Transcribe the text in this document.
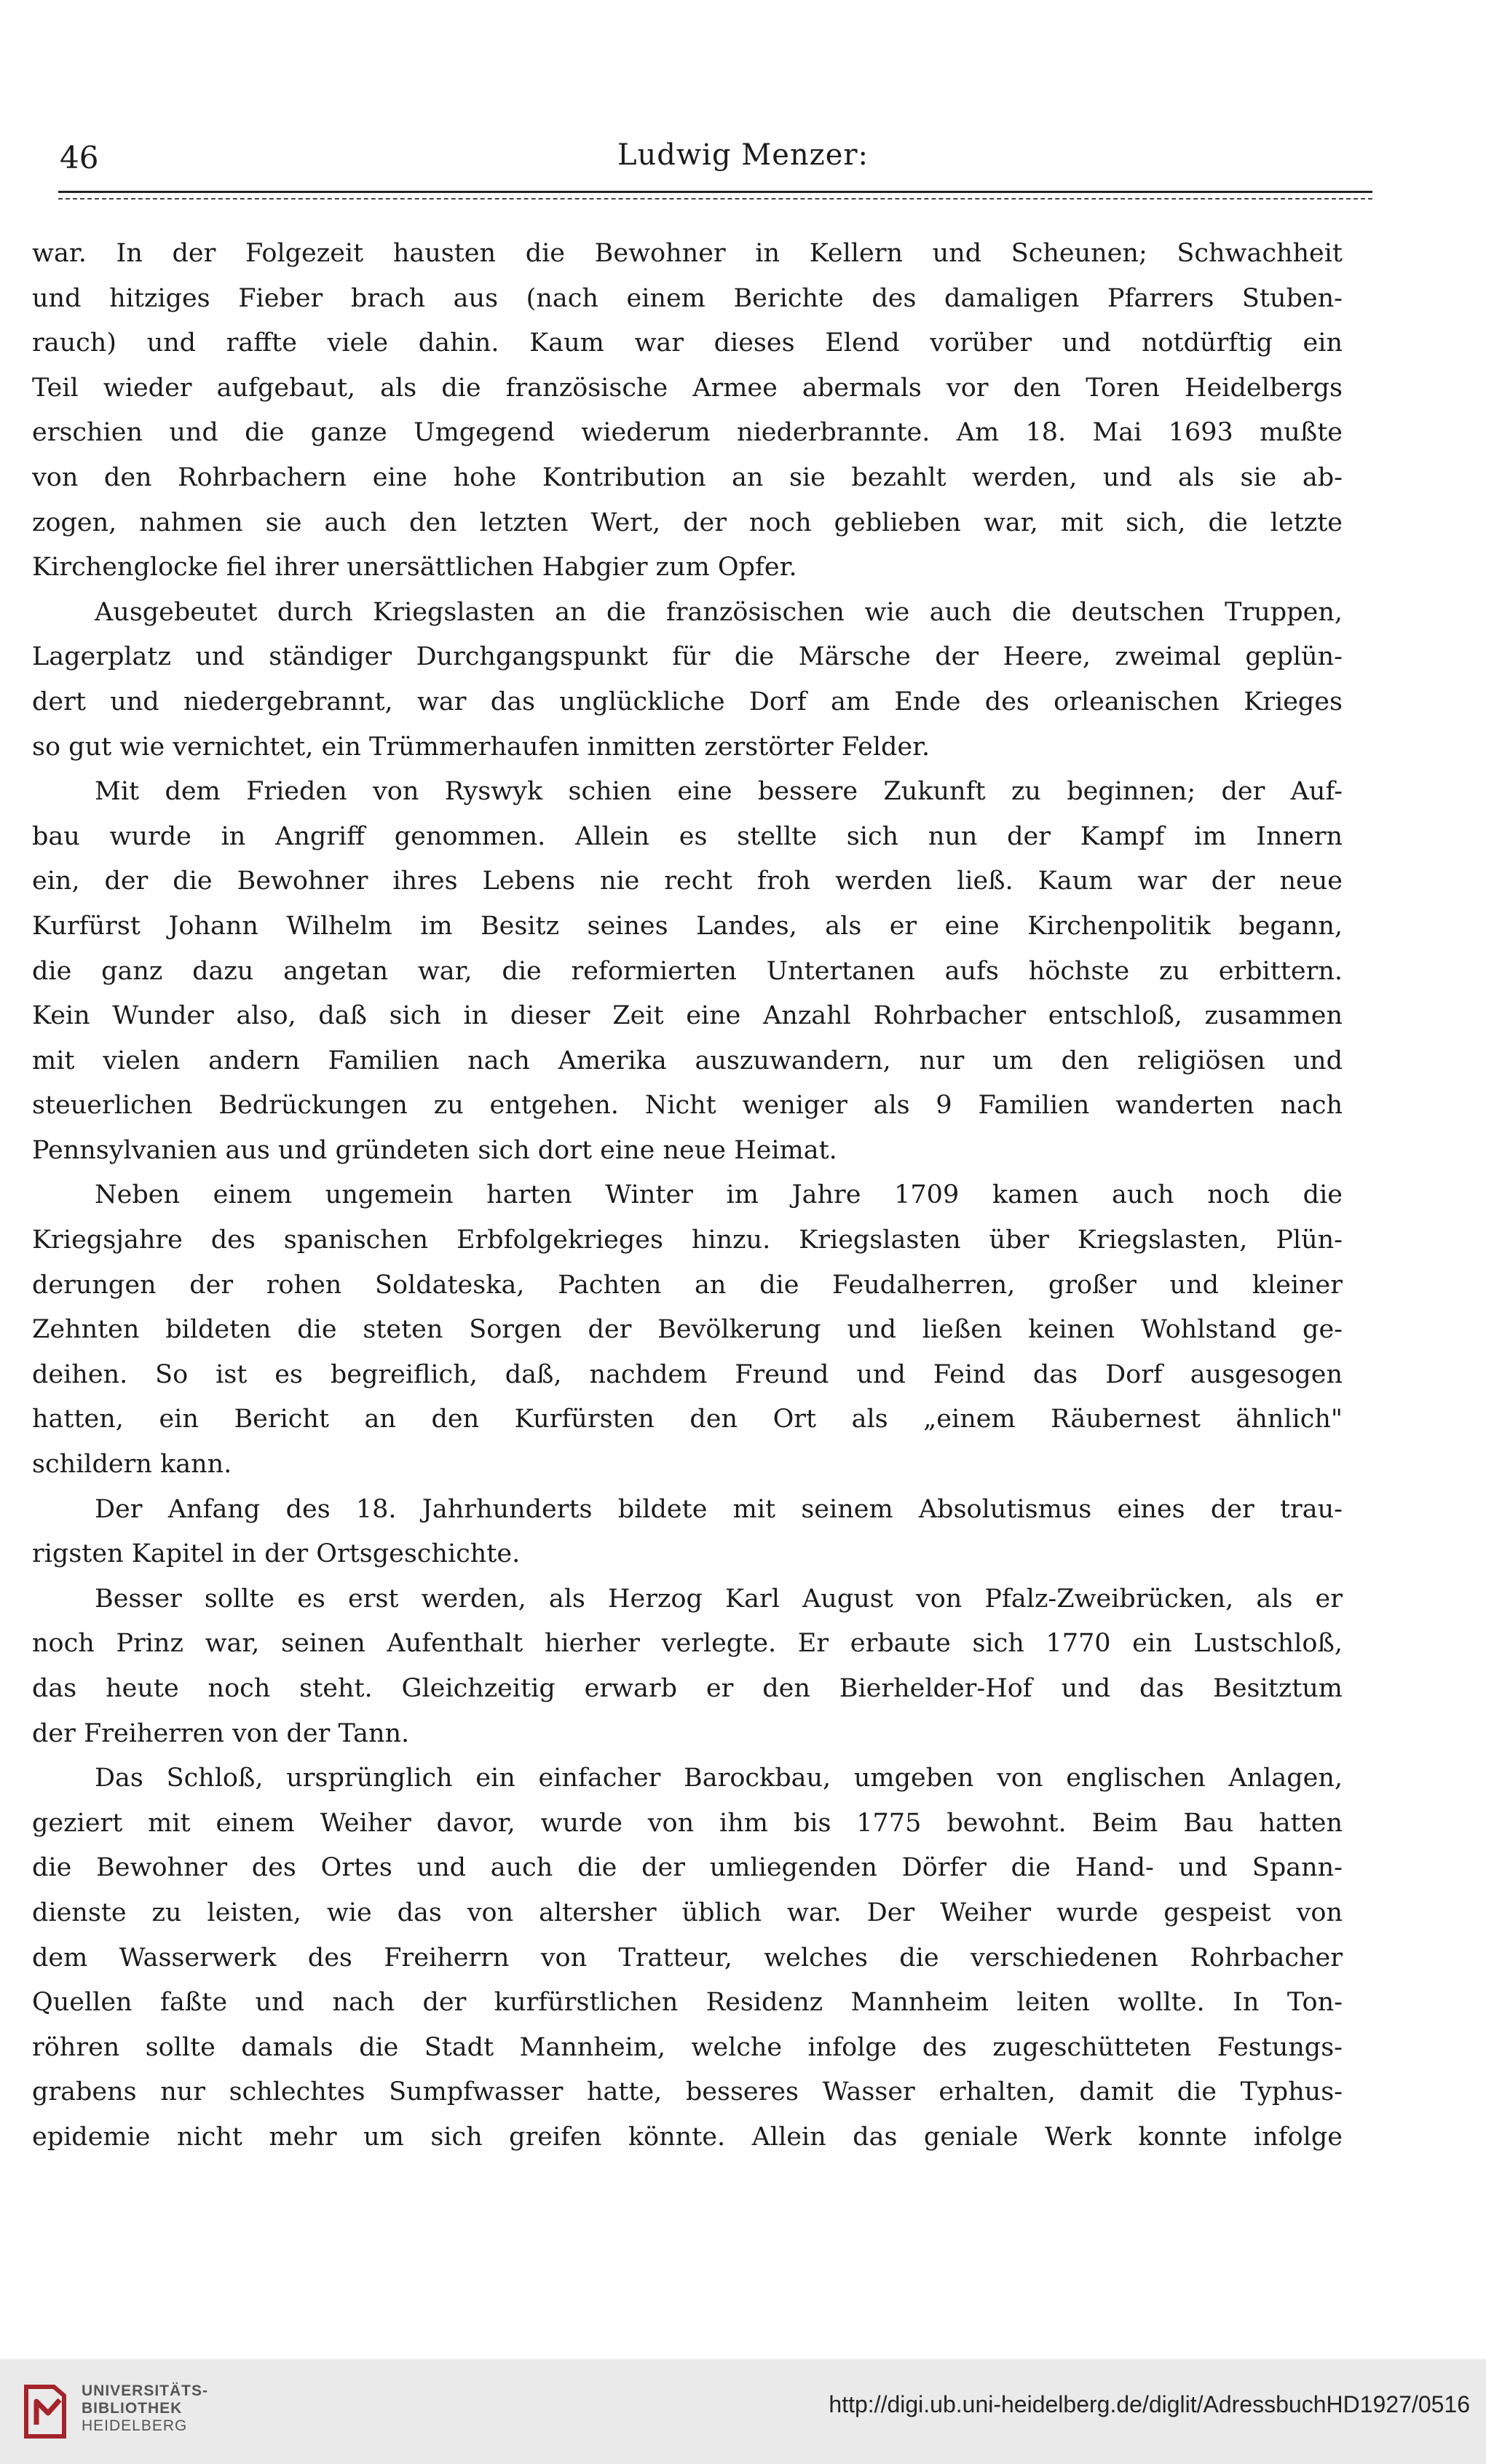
46	Ludwig Menzer:
war. In der Folgezeit hausten die Bewohner in Kellern und Scheunen; Schwachheit
und hitziges Fieber brach aus (nach einem Berichte des damaligen Pfarrers Stuben-
rauch) und raffte viele dahin. Kaum war dieses Elend vorüber und notdürftig ein
Teil wieder aufgebaut, als die französische Armee abermals vor den Toren Heidelbergs
erschien und die ganze Umgegend wiederum niederbrannte. Am 18. Mai 1693 mußte
von den Rohrbachern eine hohe Kontribution an sie bezahlt werden, und als sie ab-
zogen, nahmen sie auch den letzten Wert, der noch geblieben war, mit sich, die letzte
Kirchenglocke fiel ihrer unersättlichen Habgier zum Opfer.
Ausgebeutet durch Kriegslasten an die französischen wie auch die deutschen Truppen,
Lagerplatz und ständiger Durchgangspunkt für die Märsche der Heere, zweimal geplün-
dert und niedergebrannt, war das unglückliche Dorf am Ende des orleanischen Krieges
so gut wie vernichtet, ein Trümmerhaufen inmitten zerstörter Felder.
Mit dem Frieden von Ryswyk schien eine bessere Zukunft zu beginnen; der Auf-
bau wurde in Angriff genommen. Allein es stellte sich nun der Kampf im Innern
ein, der die Bewohner ihres Lebens nie recht froh werden ließ. Kaum war der neue
Kurfürst Johann Wilhelm im Besitz seines Landes, als er eine Kirchenpolitik begann,
die ganz dazu angetan war, die reformierten Untertanen aufs höchste zu erbittern.
Kein Wunder also, daß sich in dieser Zeit eine Anzahl Rohrbacher entschloß, zusammen
mit vielen andern Familien nach Amerika auszuwandern, nur um den religiösen und
steuerlichen Bedrückungen zu entgehen. Nicht weniger als 9 Familien wanderten nach
Pennsylvanien aus und gründeten sich dort eine neue Heimat.
Neben einem ungemein harten Winter im Jahre 1709 kamen auch noch die
Kriegsjahre des spanischen Erbfolgekrieges hinzu. Kriegslasten über Kriegslasten, Plün-
derungen der rohen Soldateska, Pachten an die Feudalherren, großer und kleiner
Zehnten bildeten die steten Sorgen der Bevölkerung und ließen keinen Wohlstand ge-
deihen. So ist es begreiflich, daß, nachdem Freund und Feind das Dorf ausgesogen
hatten, ein Bericht an den Kurfürsten den Ort als „einem Räubernest ähnlich"
schildern kann.
Der Anfang des 18. Jahrhunderts bildete mit seinem Absolutismus eines der trau-
rigsten Kapitel in der Ortsgeschichte.
Besser sollte es erst werden, als Herzog Karl August von Pfalz-Zweibrücken, als er
noch Prinz war, seinen Aufenthalt hierher verlegte. Er erbaute sich 1770 ein Lustschloß,
das heute noch steht. Gleichzeitig erwarb er den Bierhelder-Hof und das Besitztum
der Freiherren von der Tann.
Das Schloß, ursprünglich ein einfacher Barockbau, umgeben von englischen Anlagen,
geziert mit einem Weiher davor, wurde von ihm bis 1775 bewohnt. Beim Bau hatten
die Bewohner des Ortes und auch die der umliegenden Dörfer die Hand- und Spann-
dienste zu leisten, wie das von altersher üblich war. Der Weiher wurde gespeist von
dem Wasserwerk des Freiherrn von Tratteur, welches die verschiedenen Rohrbacher
Quellen faßte und nach der kurfürstlichen Residenz Mannheim leiten wollte. In Ton-
röhren sollte damals die Stadt Mannheim, welche infolge des zugeschütteten Festungs-
grabens nur schlechtes Sumpfwasser hatte, besseres Wasser erhalten, damit die Typhus-
epidemie nicht mehr um sich greifen könnte. Allein das geniale Werk konnte infolge
UNIVERSITÄTS-
BIBLIOTHEK
HEIDELBERG
http://digi.ub.uni-heidelberg.de/diglit/AdressbuchHD1927/0516
